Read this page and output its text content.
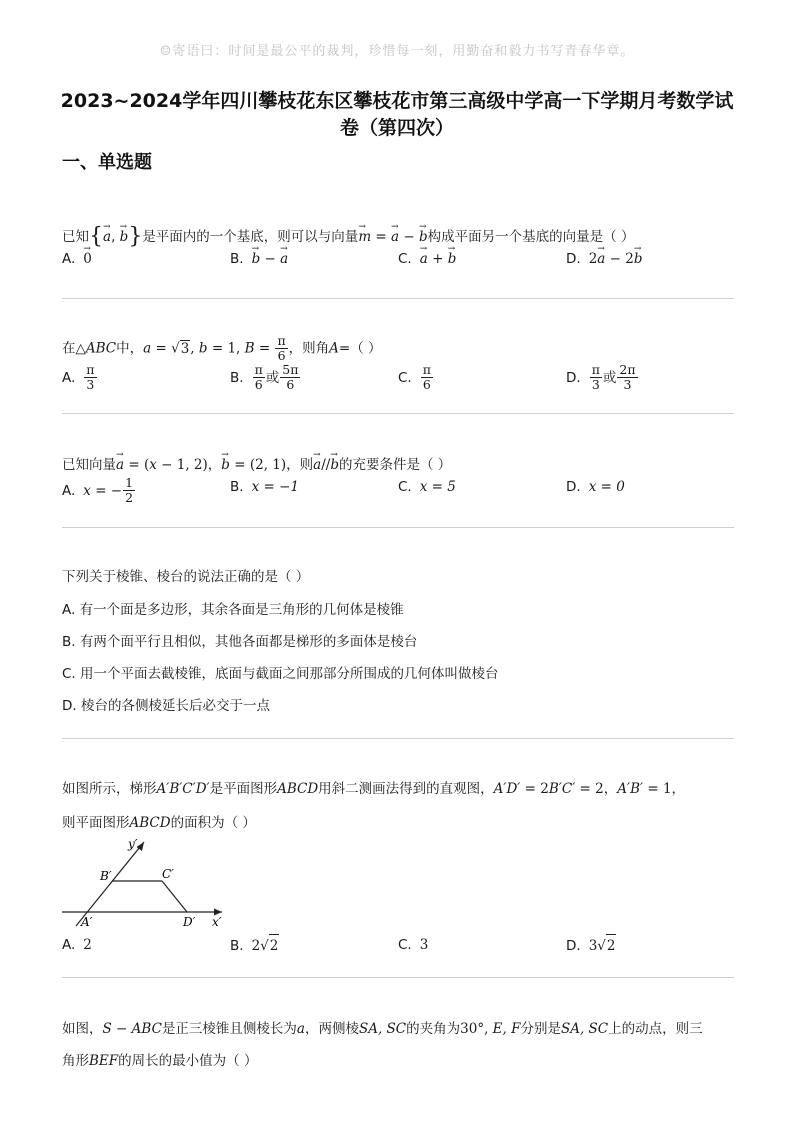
☺寄语曰：时间是最公平的裁判，珍惜每一刻，用勤奋和毅力书写青春华章。
2023~2024学年四川攀枝花东区攀枝花市第三高级中学高一下学期月考数学试
卷（第四次）
一、单选题

已知{→ a, → b}是平面内的一个基底，则可以与向量→ m = → a − → b构成平面另一个基底的向量是（ ）

A. → 0	B. → b − → a	C. → a + → b	D. 2 → a − 2 → b

在△ABC中，a = √3, b = 1, $B = \frac{\pi}{6}$ ，则角A=（ ）

A. $\frac{\pi}{3}$	B. $\frac{\pi}{6}$ 或 $\frac{5\pi}{6}$	C. $\frac{\pi}{6}$	D. $\frac{\pi}{3}$ 或 $\frac{2\pi}{3}$

已知向量→ a = (x − 1, 2)，→ b = (2, 1)，则→ a//→ b的充要条件是（ ）

A. x = − $\frac{1}{2}$	B. x = −1	C. x = 5	D. x = 0

下列关于棱锥、棱台的说法正确的是（ ）

A. 有一个面是多边形，其余各面是三角形的几何体是棱锥

B. 有两个面平行且相似，其他各面都是梯形的多面体是棱台

C. 用一个平面去截棱锥，底面与截面之间那部分所围成的几何体叫做棱台

D. 棱台的各侧棱延长后必交于一点

如图所示，梯形A′B′C′D′是平面图形ABCD用斜二测画法得到的直观图，A′D′ = 2B′C′ = 2，A′B′ = 1，

则平面图形ABCD的面积为（ ）

y′
B′	C′
A′	D′ x′
A. 2	B. 2 √ 2	C. 3	D. 3 √ 2

如图，S − ABC是正三棱锥且侧棱长为a，两侧棱SA, SC的夹角为30°, E, F分别是SA, SC上的动点，则三

角形BEF的周长的最小值为（ ）
